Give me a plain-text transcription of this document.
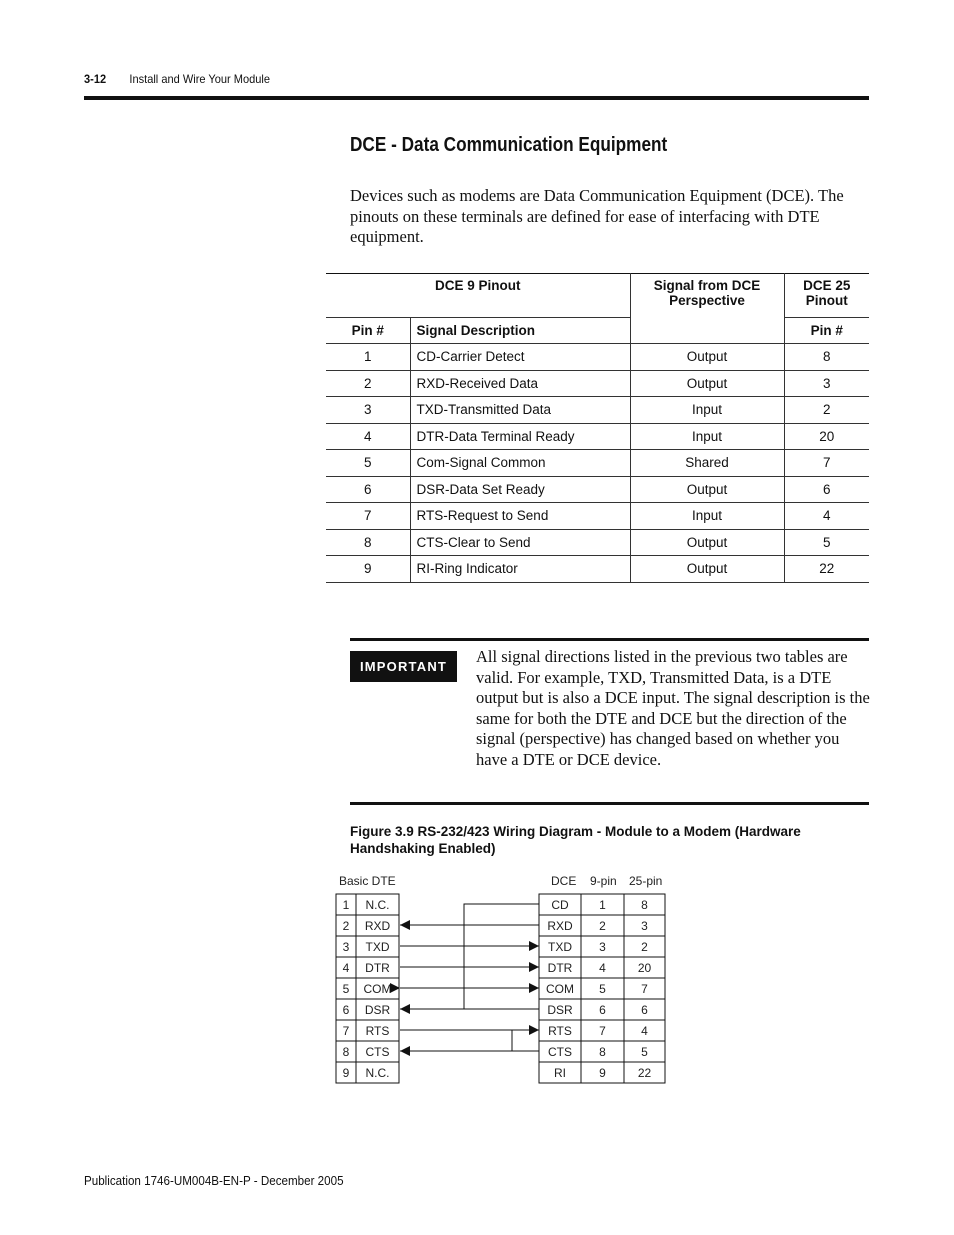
3-12 Install and Wire Your Module
DCE - Data Communication Equipment
Devices such as modems are Data Communication Equipment (DCE). The pinouts on these terminals are defined for ease of interfacing with DTE equipment.
DCE 9 Pinout		Signal from DCE Perspective	DCE 25 Pinout
Pin #	Signal Description		Pin #
1	CD-Carrier Detect	Output	8
2	RXD-Received Data	Output	3
3	TXD-Transmitted Data	Input	2
4	DTR-Data Terminal Ready	Input	20
5	Com-Signal Common	Shared	7
6	DSR-Data Set Ready	Output	6
7	RTS-Request to Send	Input	4
8	CTS-Clear to Send	Output	5
9	RI-Ring Indicator	Output	22
IMPORTANT
All signal directions listed in the previous two tables are valid. For example, TXD, Transmitted Data, is a DTE output but is also a DCE input. The signal description is the same for both the DTE and DCE but the direction of the signal (perspective) has changed based on whether you have a DTE or DCE device.
Figure 3.9 RS-232/423 Wiring Diagram - Module to a Modem (Hardware Handshaking Enabled)
Basic DTE	DCE 9-pin 25-pin
1 N.C.
2 RXD
3 TXD
4 DTR
5 COM
6 DSR
7 RTS
8 CTS
9 N.C.
CD	1	8
RXD 2	3
TXD 3	2
DTR 4	20
COM 5	7
DSR 6	6
RTS 7	4
CTS 8	5
RI	9	22
Publication 1746-UM004B-EN-P - December 2005
